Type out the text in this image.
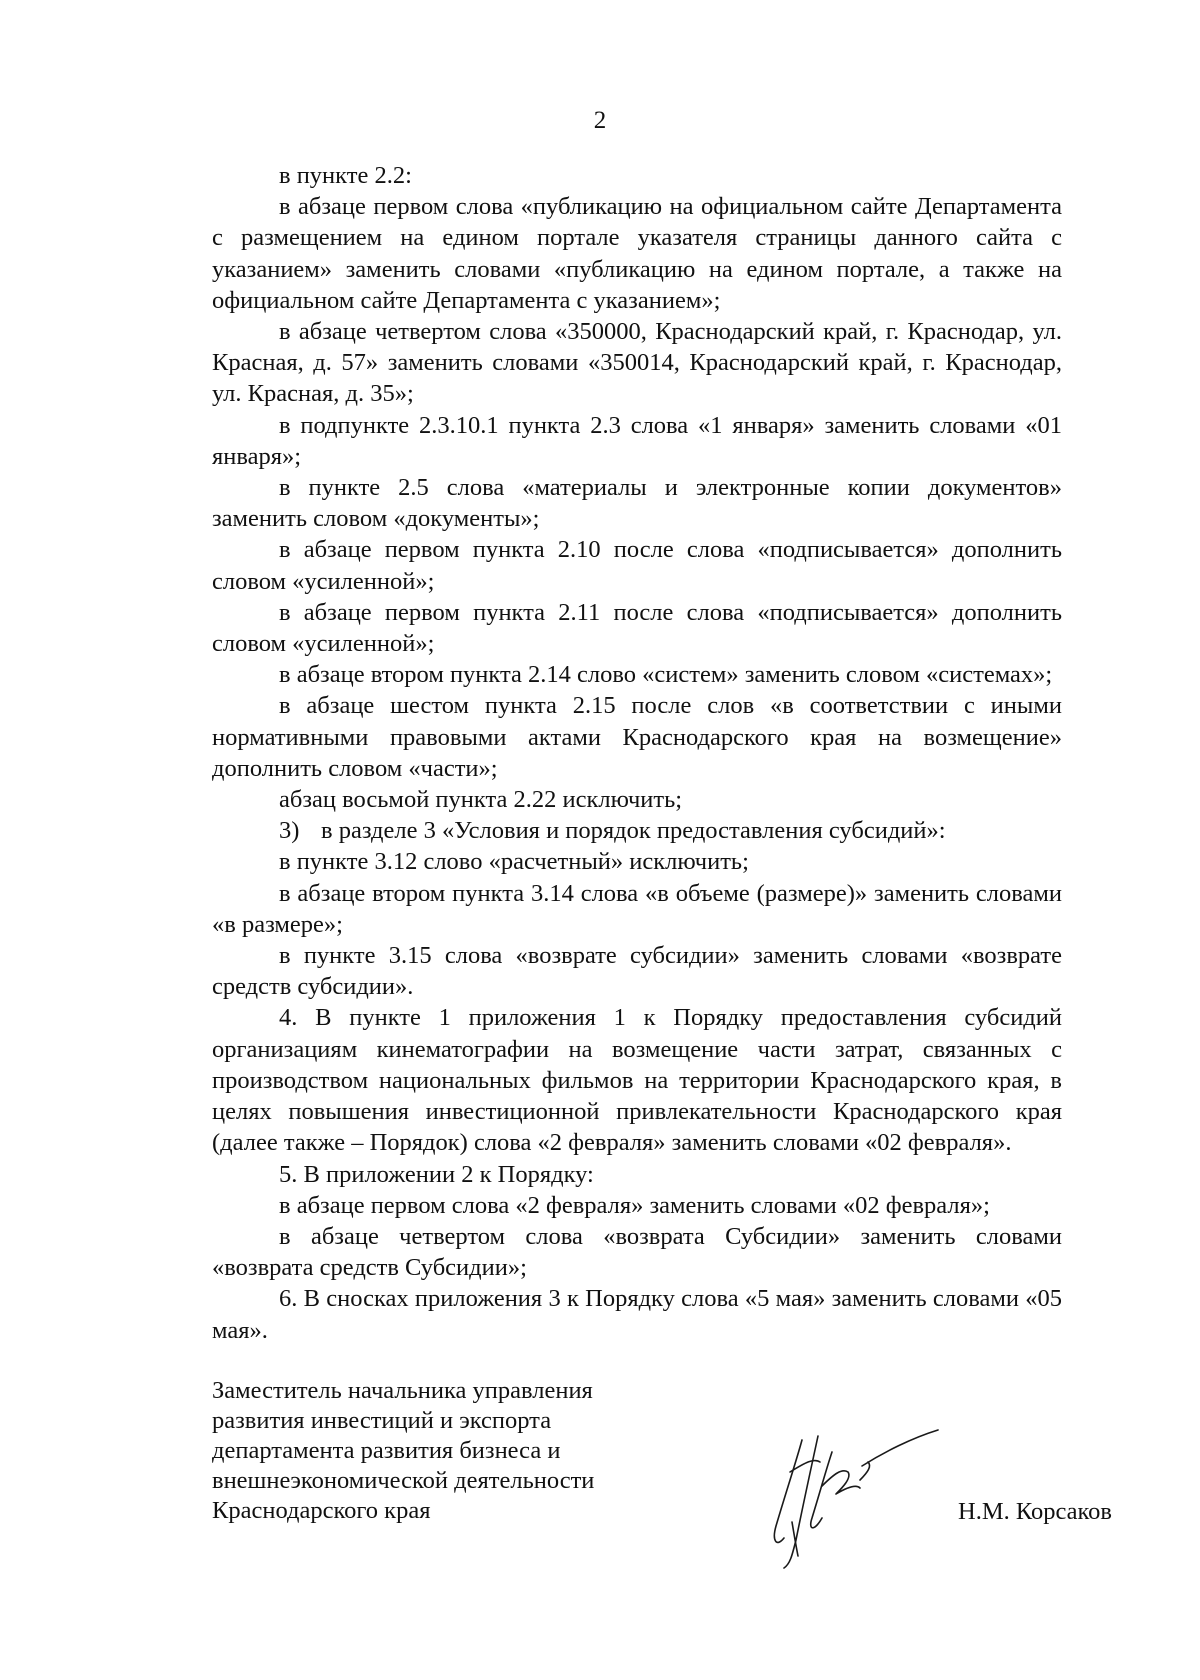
2

в пункте 2.2:

в абзаце первом слова «публикацию на официальном сайте Департамента с размещением на едином портале указателя страницы данного сайта с указанием» заменить словами «публикацию на едином портале, а также на официальном сайте Департамента с указанием»;

в абзаце четвертом слова «350000, Краснодарский край, г. Краснодар, ул. Красная, д. 57» заменить словами «350014, Краснодарский край, г. Краснодар, ул. Красная, д. 35»;

в подпункте 2.3.10.1 пункта 2.3 слова «1 января» заменить словами «01 января»;

в пункте 2.5 слова «материалы и электронные копии документов» заменить словом «документы»;

в абзаце первом пункта 2.10 после слова «подписывается» дополнить словом «усиленной»;

в абзаце первом пункта 2.11 после слова «подписывается» дополнить словом «усиленной»;

в абзаце втором пункта 2.14 слово «систем» заменить словом «системах»;

в абзаце шестом пункта 2.15 после слов «в соответствии с иными нормативными правовыми актами Краснодарского края на возмещение» дополнить словом «части»;

абзац восьмой пункта 2.22 исключить;

3) в разделе 3 «Условия и порядок предоставления субсидий»:

в пункте 3.12 слово «расчетный» исключить;

в абзаце втором пункта 3.14 слова «в объеме (размере)» заменить словами «в размере»;

в пункте 3.15 слова «возврате субсидии» заменить словами «возврате средств субсидии».

4. В пункте 1 приложения 1 к Порядку предоставления субсидий организациям кинематографии на возмещение части затрат, связанных с производством национальных фильмов на территории Краснодарского края, в целях повышения инвестиционной привлекательности Краснодарского края (далее также – Порядок) слова «2 февраля» заменить словами «02 февраля».

5. В приложении 2 к Порядку:

в абзаце первом слова «2 февраля» заменить словами «02 февраля»;

в абзаце четвертом слова «возврата Субсидии» заменить словами «возврата средств Субсидии»;

6. В сносках приложения 3 к Порядку слова «5 мая» заменить словами «05 мая».

Заместитель начальника управления
развития инвестиций и экспорта
департамента развития бизнеса и
внешнеэкономической деятельности
Краснодарского края	Н.М. Корсаков
